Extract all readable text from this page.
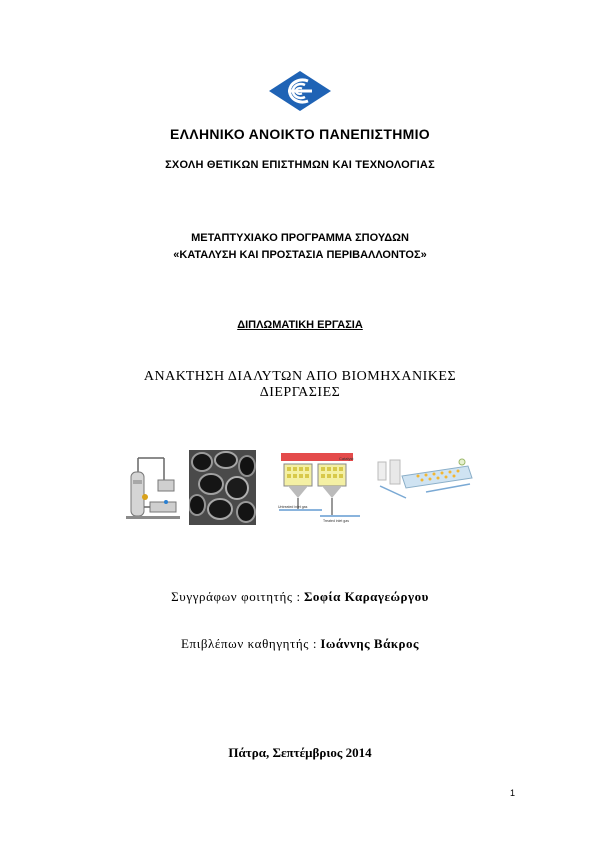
ΕΛΛΗΝΙΚΟ ΑΝΟΙΚΤΟ ΠΑΝΕΠΙΣΤΗΜΙΟ
ΣΧΟΛΗ ΘΕΤΙΚΩΝ ΕΠΙΣΤΗΜΩΝ ΚΑΙ ΤΕΧΝΟΛΟΓΙΑΣ
ΜΕΤΑΠΤΥΧΙΑΚΟ ΠΡΟΓΡΑΜΜΑ ΣΠΟΥΔΩΝ
«ΚΑΤΑΛΥΣΗ ΚΑΙ ΠΡΟΣΤΑΣΙΑ ΠΕΡΙΒΑΛΛΟΝΤΟΣ»
ΔΙΠΛΩΜΑΤΙΚΗ ΕΡΓΑΣΙΑ
ΑΝΑΚΤΗΣΗ ΔΙΑΛΥΤΩΝ ΑΠΟ ΒΙΟΜΗΧΑΝΙΚΕΣ
ΔΙΕΡΓΑΣΙΕΣ
Catalyst
Untreated inlet gas
Treated inlet gas
Συγγράφων φοιτητής : Σοφία Καραγεώργου
Επιβλέπων καθηγητής : Ιωάννης Βάκρος
Πάτρα, Σεπτέμβριος 2014
1
